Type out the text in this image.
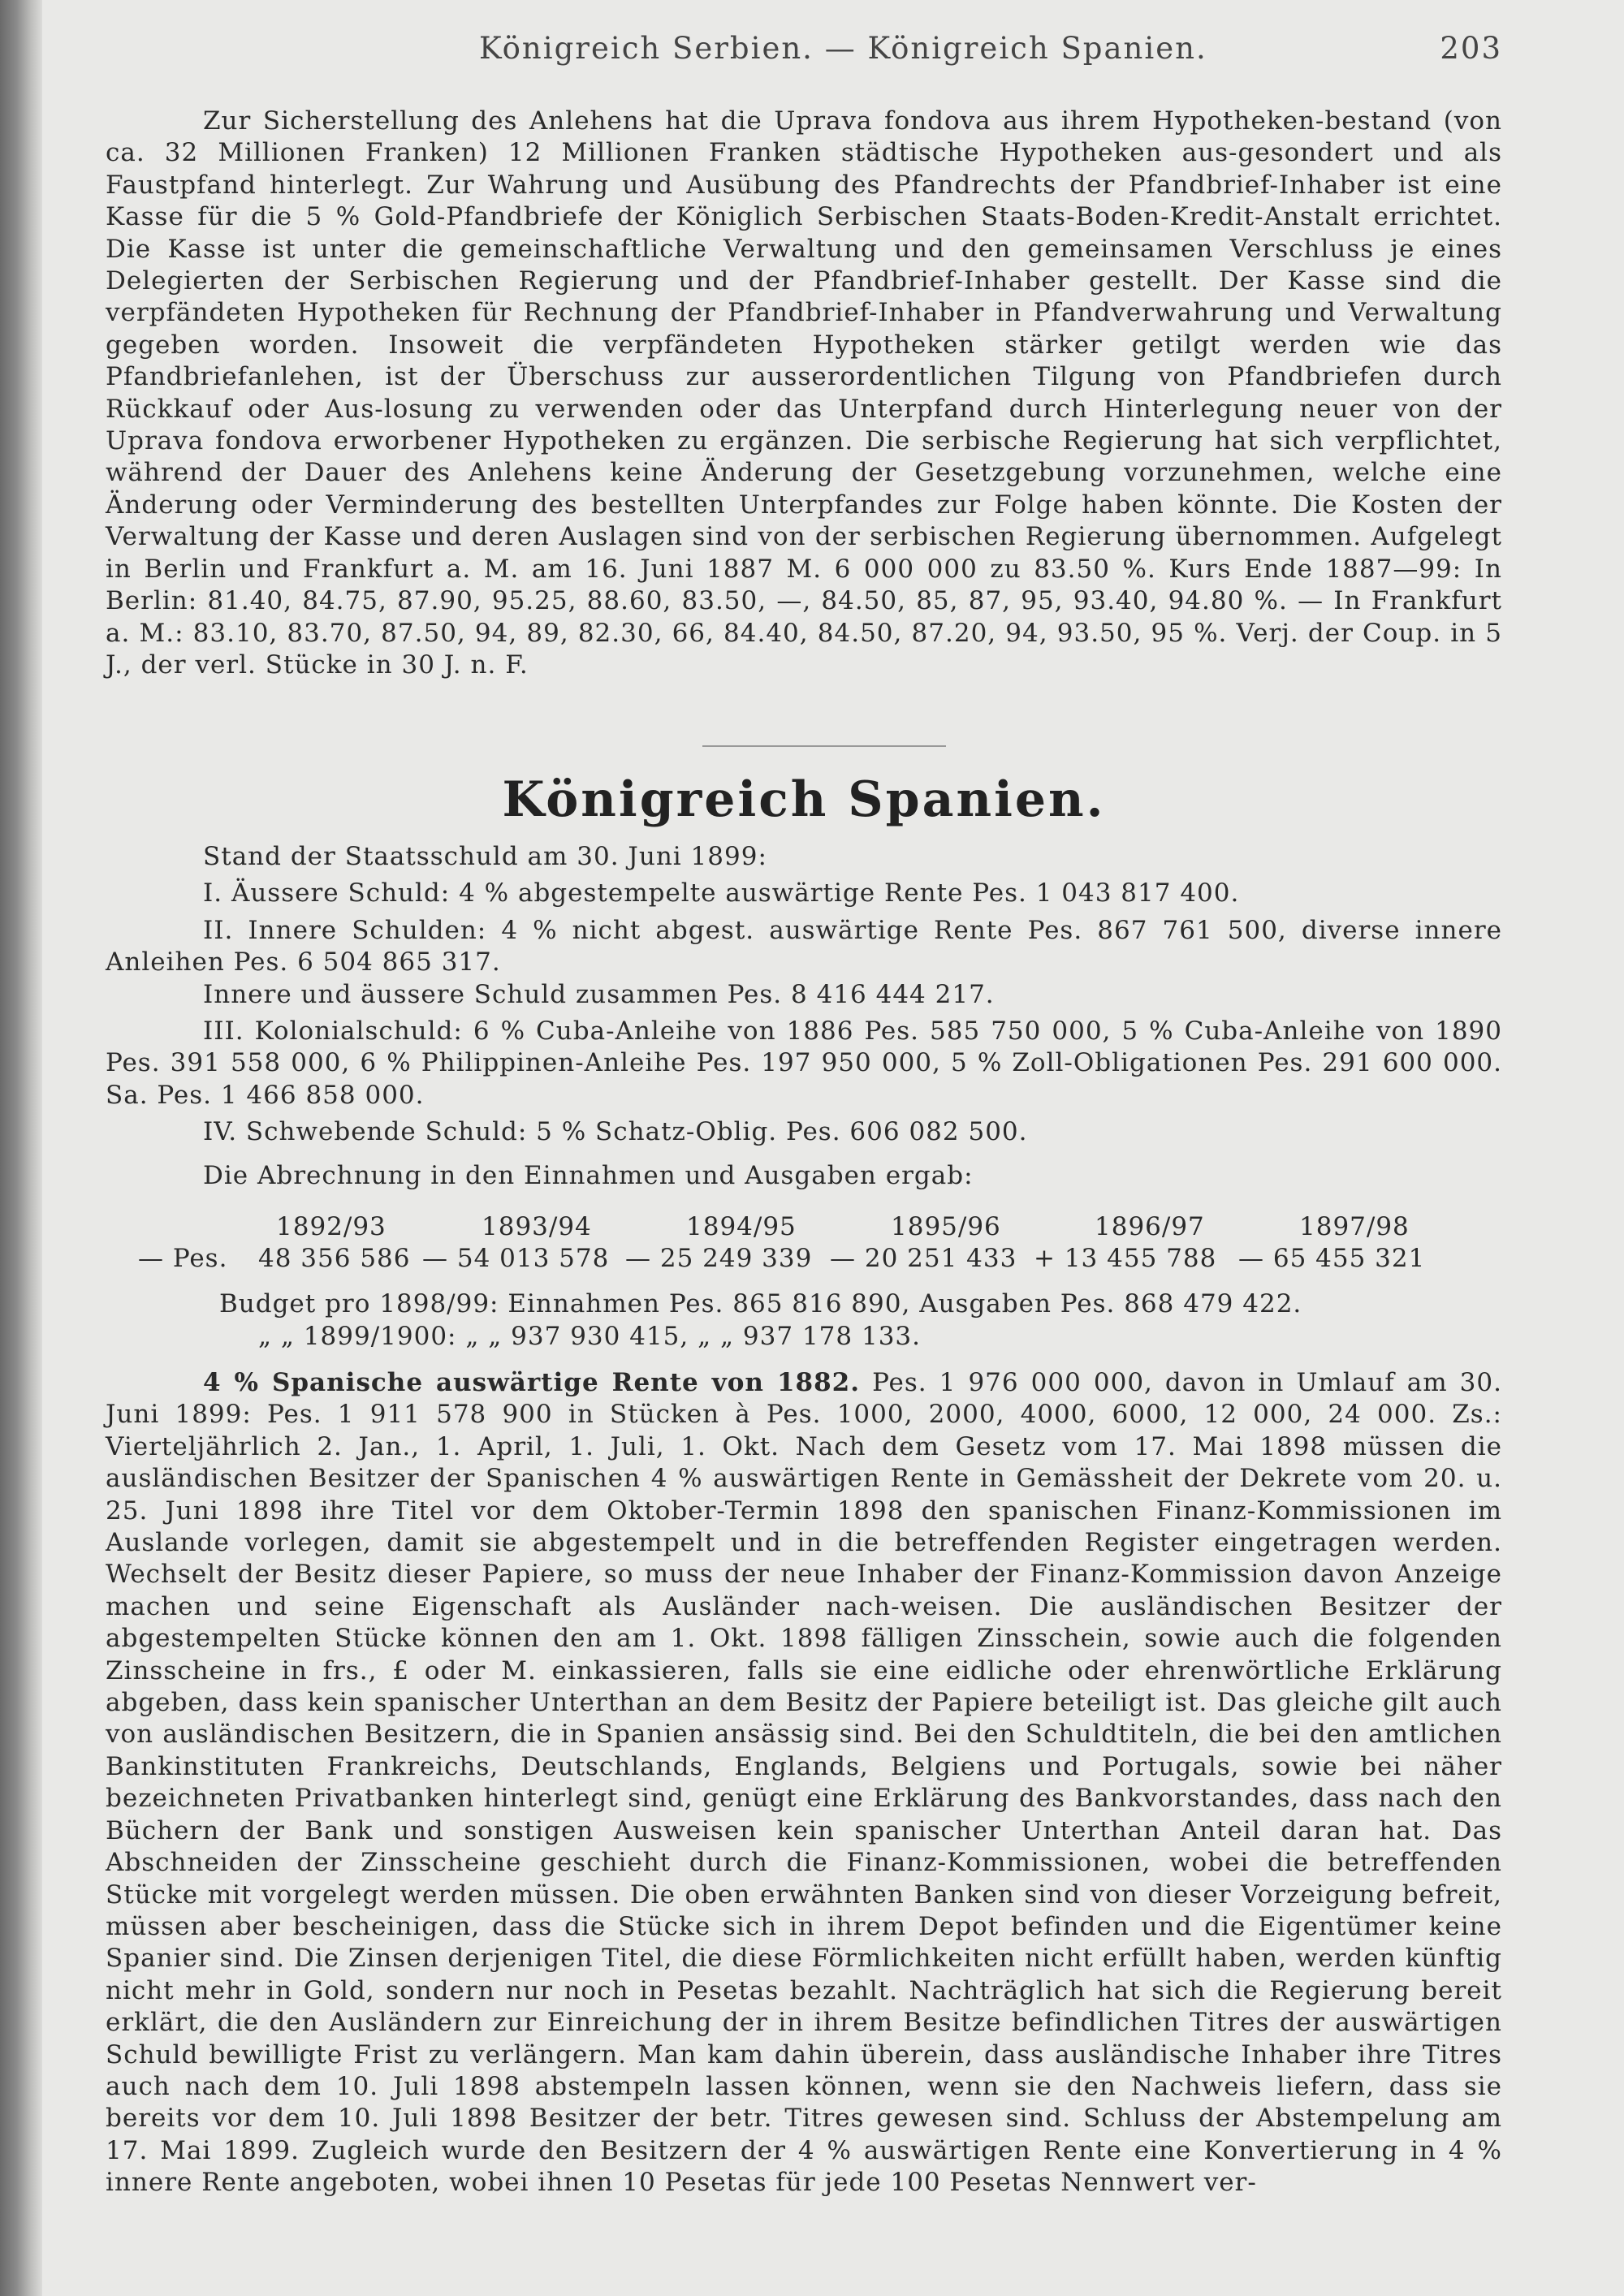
Königreich Serbien. — Königreich Spanien.	203

Zur Sicherstellung des Anlehens hat die Uprava fondova aus ihrem Hypotheken-bestand (von ca. 32 Millionen Franken) 12 Millionen Franken städtische Hypotheken aus-gesondert und als Faustpfand hinterlegt. Zur Wahrung und Ausübung des Pfandrechts der Pfandbrief-Inhaber ist eine Kasse für die 5 % Gold-Pfandbriefe der Königlich Serbischen Staats-Boden-Kredit-Anstalt errichtet. Die Kasse ist unter die gemeinschaftliche Verwaltung und den gemeinsamen Verschluss je eines Delegierten der Serbischen Regierung und der Pfandbrief-Inhaber gestellt. Der Kasse sind die verpfändeten Hypotheken für Rechnung der Pfandbrief-Inhaber in Pfandverwahrung und Verwaltung gegeben worden. Insoweit die verpfändeten Hypotheken stärker getilgt werden wie das Pfandbriefanlehen, ist der Überschuss zur ausserordentlichen Tilgung von Pfandbriefen durch Rückkauf oder Aus-losung zu verwenden oder das Unterpfand durch Hinterlegung neuer von der Uprava fondova erworbener Hypotheken zu ergänzen. Die serbische Regierung hat sich verpflichtet, während der Dauer des Anlehens keine Änderung der Gesetzgebung vorzunehmen, welche eine Änderung oder Verminderung des bestellten Unterpfandes zur Folge haben könnte. Die Kosten der Verwaltung der Kasse und deren Auslagen sind von der serbischen Regierung übernommen. Aufgelegt in Berlin und Frankfurt a. M. am 16. Juni 1887 M. 6 000 000 zu 83.50 %. Kurs Ende 1887—99: In Berlin: 81.40, 84.75, 87.90, 95.25, 88.60, 83.50, —, 84.50, 85, 87, 95, 93.40, 94.80 %. — In Frankfurt a. M.: 83.10, 83.70, 87.50, 94, 89, 82.30, 66, 84.40, 84.50, 87.20, 94, 93.50, 95 %. Verj. der Coup. in 5 J., der verl. Stücke in 30 J. n. F.

Königreich Spanien.

Stand der Staatsschuld am 30. Juni 1899:

I. Äussere Schuld: 4 % abgestempelte auswärtige Rente Pes. 1 043 817 400.

II. Innere Schulden: 4 % nicht abgest. auswärtige Rente Pes. 867 761 500, diverse innere Anleihen Pes. 6 504 865 317.

Innere und äussere Schuld zusammen Pes. 8 416 444 217.

III. Kolonialschuld: 6 % Cuba-Anleihe von 1886 Pes. 585 750 000, 5 % Cuba-Anleihe von 1890 Pes. 391 558 000, 6 % Philippinen-Anleihe Pes. 197 950 000, 5 % Zoll-Obligationen Pes. 291 600 000. Sa. Pes. 1 466 858 000.

IV. Schwebende Schuld: 5 % Schatz-Oblig. Pes. 606 082 500.

Die Abrechnung in den Einnahmen und Ausgaben ergab:

1892/93	1893/94	1894/95	1895/96	1896/97	1897/98
— Pes. 48 356 586 — 54 013 578 — 25 249 339 — 20 251 433 + 13 455 788 — 65 455 321
Budget pro 1898/99: Einnahmen Pes. 865 816 890, Ausgaben Pes. 868 479 422.
„ „ 1899/1900: „ „ 937 930 415, „ „ 937 178 133.

4 % Spanische auswärtige Rente von 1882. Pes. 1 976 000 000, davon in Umlauf am 30. Juni 1899: Pes. 1 911 578 900 in Stücken à Pes. 1000, 2000, 4000, 6000, 12 000, 24 000. Zs.: Vierteljährlich 2. Jan., 1. April, 1. Juli, 1. Okt. Nach dem Gesetz vom 17. Mai 1898 müssen die ausländischen Besitzer der Spanischen 4 % auswärtigen Rente in Gemässheit der Dekrete vom 20. u. 25. Juni 1898 ihre Titel vor dem Oktober-Termin 1898 den spanischen Finanz-Kommissionen im Auslande vorlegen, damit sie abgestempelt und in die betreffenden Register eingetragen werden. Wechselt der Besitz dieser Papiere, so muss der neue Inhaber der Finanz-Kommission davon Anzeige machen und seine Eigenschaft als Ausländer nach-weisen. Die ausländischen Besitzer der abgestempelten Stücke können den am 1. Okt. 1898 fälligen Zinsschein, sowie auch die folgenden Zinsscheine in frs., £ oder M. einkassieren, falls sie eine eidliche oder ehrenwörtliche Erklärung abgeben, dass kein spanischer Unterthan an dem Besitz der Papiere beteiligt ist. Das gleiche gilt auch von ausländischen Besitzern, die in Spanien ansässig sind. Bei den Schuldtiteln, die bei den amtlichen Bankinstituten Frankreichs, Deutschlands, Englands, Belgiens und Portugals, sowie bei näher bezeichneten Privatbanken hinterlegt sind, genügt eine Erklärung des Bankvorstandes, dass nach den Büchern der Bank und sonstigen Ausweisen kein spanischer Unterthan Anteil daran hat. Das Abschneiden der Zinsscheine geschieht durch die Finanz-Kommissionen, wobei die betreffenden Stücke mit vorgelegt werden müssen. Die oben erwähnten Banken sind von dieser Vorzeigung befreit, müssen aber bescheinigen, dass die Stücke sich in ihrem Depot befinden und die Eigentümer keine Spanier sind. Die Zinsen derjenigen Titel, die diese Förmlichkeiten nicht erfüllt haben, werden künftig nicht mehr in Gold, sondern nur noch in Pesetas bezahlt. Nachträglich hat sich die Regierung bereit erklärt, die den Ausländern zur Einreichung der in ihrem Besitze befindlichen Titres der auswärtigen Schuld bewilligte Frist zu verlängern. Man kam dahin überein, dass ausländische Inhaber ihre Titres auch nach dem 10. Juli 1898 abstempeln lassen können, wenn sie den Nachweis liefern, dass sie bereits vor dem 10. Juli 1898 Besitzer der betr. Titres gewesen sind. Schluss der Abstempelung am 17. Mai 1899. Zugleich wurde den Besitzern der 4 % auswärtigen Rente eine Konvertierung in 4 % innere Rente angeboten, wobei ihnen 10 Pesetas für jede 100 Pesetas Nennwert ver-
